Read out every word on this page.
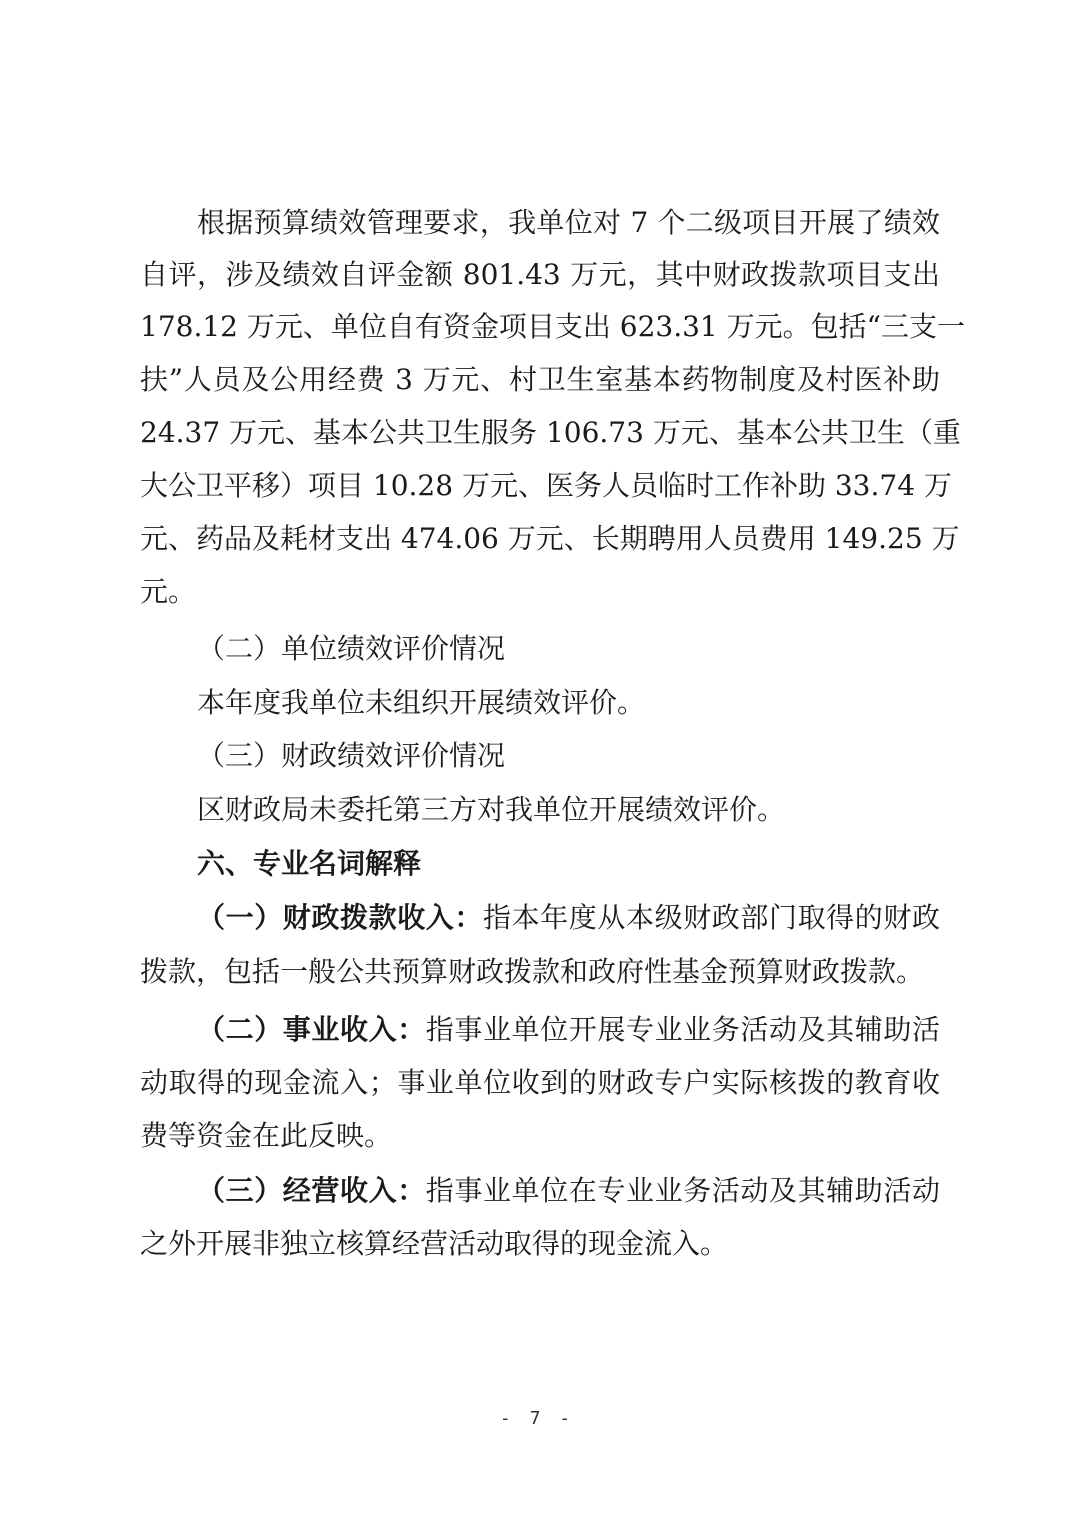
根据预算绩效管理要求，我单位对 7 个二级项目开展了绩效
自评，涉及绩效自评金额 801.43 万元，其中财政拨款项目支出
178.12 万元、单位自有资金项目支出 623.31 万元。包括“三支一
扶”人员及公用经费 3 万元、村卫生室基本药物制度及村医补助
24.37 万元、基本公共卫生服务 106.73 万元、基本公共卫生（重
大公卫平移）项目 10.28 万元、医务人员临时工作补助 33.74 万
元、药品及耗材支出 474.06 万元、长期聘用人员费用 149.25 万
元。
（二）单位绩效评价情况
本年度我单位未组织开展绩效评价。
（三）财政绩效评价情况
区财政局未委托第三方对我单位开展绩效评价。
六、专业名词解释
（一）财政拨款收入：指本年度从本级财政部门取得的财政
拨款，包括一般公共预算财政拨款和政府性基金预算财政拨款。
（二）事业收入：指事业单位开展专业业务活动及其辅助活
动取得的现金流入；事业单位收到的财政专户实际核拨的教育收
费等资金在此反映。
（三）经营收入：指事业单位在专业业务活动及其辅助活动
之外开展非独立核算经营活动取得的现金流入。
- 7 -
